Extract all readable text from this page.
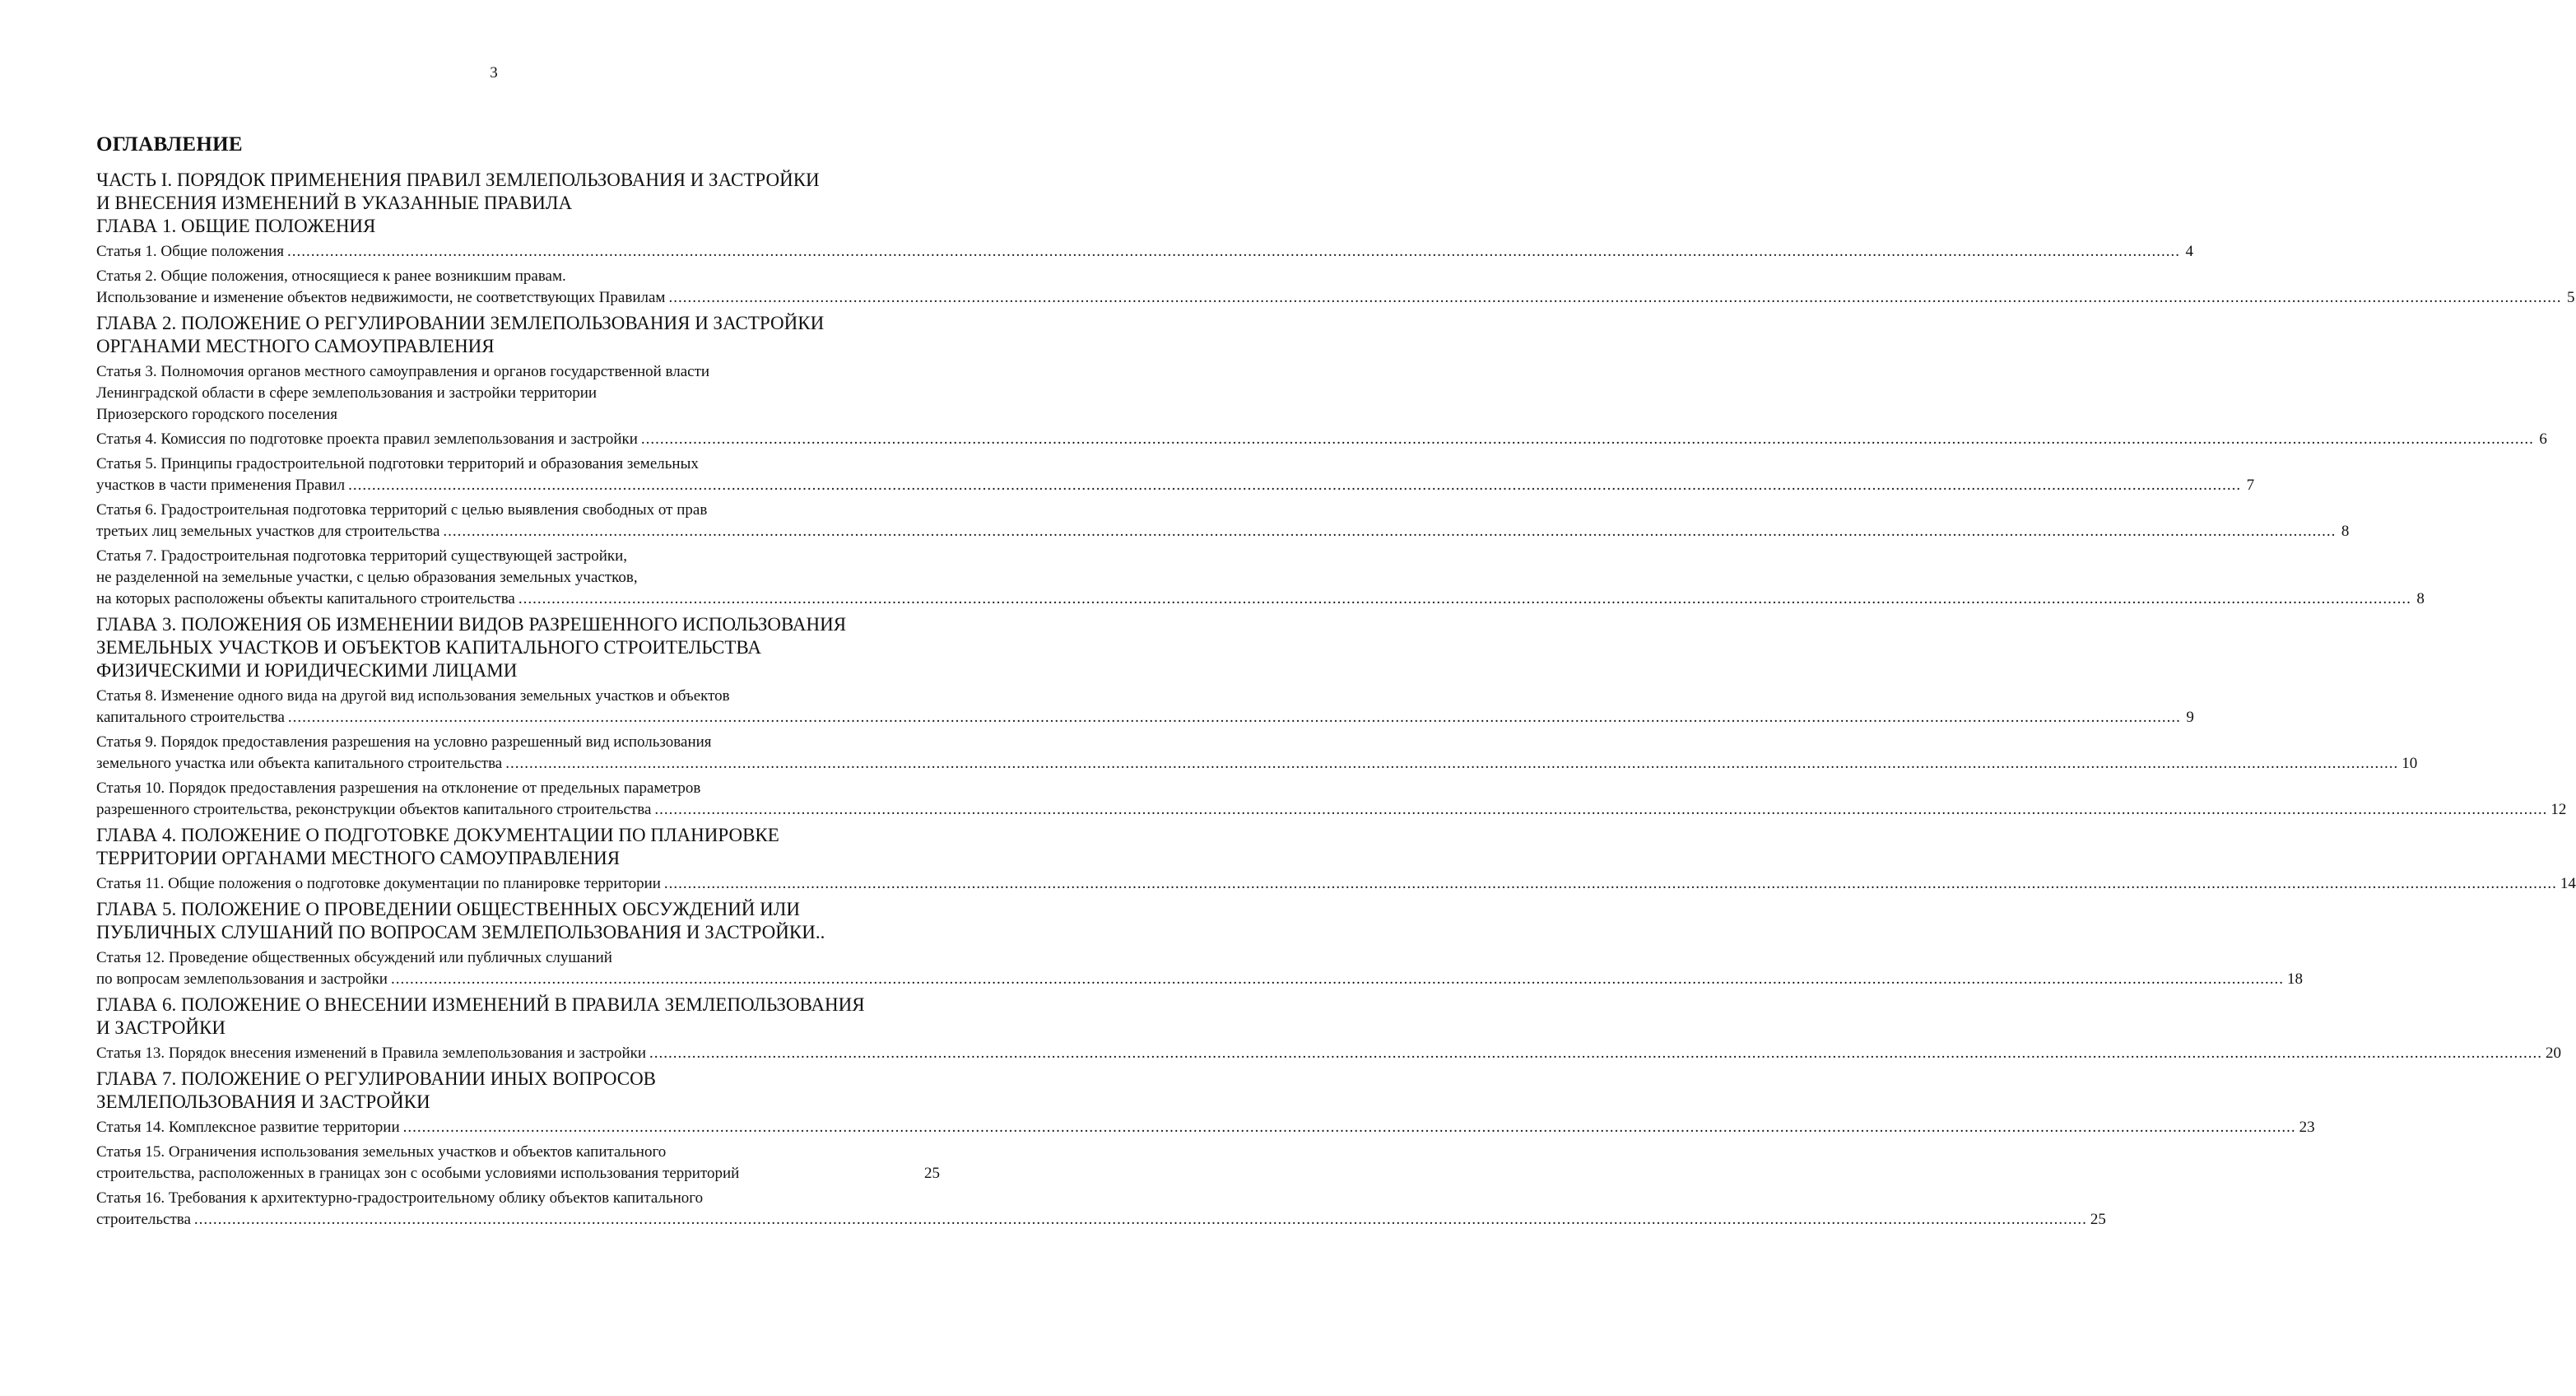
3
ОГЛАВЛЕНИЕ
ЧАСТЬ I. ПОРЯДОК ПРИМЕНЕНИЯ ПРАВИЛ ЗЕМЛЕПОЛЬЗОВАНИЯ И ЗАСТРОЙКИ
И ВНЕСЕНИЯ ИЗМЕНЕНИЙ В УКАЗАННЫЕ ПРАВИЛА
ГЛАВА 1. ОБЩИЕ ПОЛОЖЕНИЯ
Статья 1. Общие положения ................................................................................................................................................................................................................................................................................................................................................................................................................ 4
Статья 2. Общие положения, относящиеся к ранее возникшим правам.
Использование и изменение объектов недвижимости, не соответствующих Правилам ................................................................................................................................................................................................................................................................................................................................................................................................................ 5
ГЛАВА 2. ПОЛОЖЕНИЕ О РЕГУЛИРОВАНИИ ЗЕМЛЕПОЛЬЗОВАНИЯ И ЗАСТРОЙКИ
ОРГАНАМИ МЕСТНОГО САМОУПРАВЛЕНИЯ
Статья 3. Полномочия органов местного самоуправления и органов государственной власти
Ленинградской области в сфере землепользования и застройки территории
Приозерского городского поселения
Статья 4. Комиссия по подготовке проекта правил землепользования и застройки ................................................................................................................................................................................................................................................................................................................................................................................................................ 6
Статья 5. Принципы градостроительной подготовки территорий и образования земельных
участков в части применения Правил ................................................................................................................................................................................................................................................................................................................................................................................................................ 7
Статья 6. Градостроительная подготовка территорий с целью выявления свободных от прав
третьих лиц земельных участков для строительства ................................................................................................................................................................................................................................................................................................................................................................................................................ 8
Статья 7. Градостроительная подготовка территорий существующей застройки,
не разделенной на земельные участки, с целью образования земельных участков,
на которых расположены объекты капитального строительства ................................................................................................................................................................................................................................................................................................................................................................................................................ 8
ГЛАВА 3. ПОЛОЖЕНИЯ ОБ ИЗМЕНЕНИИ ВИДОВ РАЗРЕШЕННОГО ИСПОЛЬЗОВАНИЯ
ЗЕМЕЛЬНЫХ УЧАСТКОВ И ОБЪЕКТОВ КАПИТАЛЬНОГО СТРОИТЕЛЬСТВА
ФИЗИЧЕСКИМИ И ЮРИДИЧЕСКИМИ ЛИЦАМИ
Статья 8. Изменение одного вида на другой вид использования земельных участков и объектов
капитального строительства ................................................................................................................................................................................................................................................................................................................................................................................................................ 9
Статья 9. Порядок предоставления разрешения на условно разрешенный вид использования
земельного участка или объекта капитального строительства ................................................................................................................................................................................................................................................................................................................................................................................................................ 10
Статья 10. Порядок предоставления разрешения на отклонение от предельных параметров
разрешенного строительства, реконструкции объектов капитального строительства ................................................................................................................................................................................................................................................................................................................................................................................................................ 12
ГЛАВА 4. ПОЛОЖЕНИЕ О ПОДГОТОВКЕ ДОКУМЕНТАЦИИ ПО ПЛАНИРОВКЕ
ТЕРРИТОРИИ ОРГАНАМИ МЕСТНОГО САМОУПРАВЛЕНИЯ
Статья 11. Общие положения о подготовке документации по планировке территории ................................................................................................................................................................................................................................................................................................................................................................................................................ 14
ГЛАВА 5. ПОЛОЖЕНИЕ О ПРОВЕДЕНИИ ОБЩЕСТВЕННЫХ ОБСУЖДЕНИЙ ИЛИ
ПУБЛИЧНЫХ СЛУШАНИЙ ПО ВОПРОСАМ ЗЕМЛЕПОЛЬЗОВАНИЯ И ЗАСТРОЙКИ..
Статья 12. Проведение общественных обсуждений или публичных слушаний
по вопросам землепользования и застройки ................................................................................................................................................................................................................................................................................................................................................................................................................ 18
ГЛАВА 6. ПОЛОЖЕНИЕ О ВНЕСЕНИИ ИЗМЕНЕНИЙ В ПРАВИЛА ЗЕМЛЕПОЛЬЗОВАНИЯ
И ЗАСТРОЙКИ
Статья 13. Порядок внесения изменений в Правила землепользования и застройки ................................................................................................................................................................................................................................................................................................................................................................................................................ 20
ГЛАВА 7. ПОЛОЖЕНИЕ О РЕГУЛИРОВАНИИ ИНЫХ ВОПРОСОВ
ЗЕМЛЕПОЛЬЗОВАНИЯ И ЗАСТРОЙКИ
Статья 14. Комплексное развитие территории ................................................................................................................................................................................................................................................................................................................................................................................................................ 23
Статья 15. Ограничения использования земельных участков и объектов капитального
строительства, расположенных в границах зон с особыми условиями использования территорий	25
Статья 16. Требования к архитектурно-градостроительному облику объектов капитального
строительства ................................................................................................................................................................................................................................................................................................................................................................................................................ 25
